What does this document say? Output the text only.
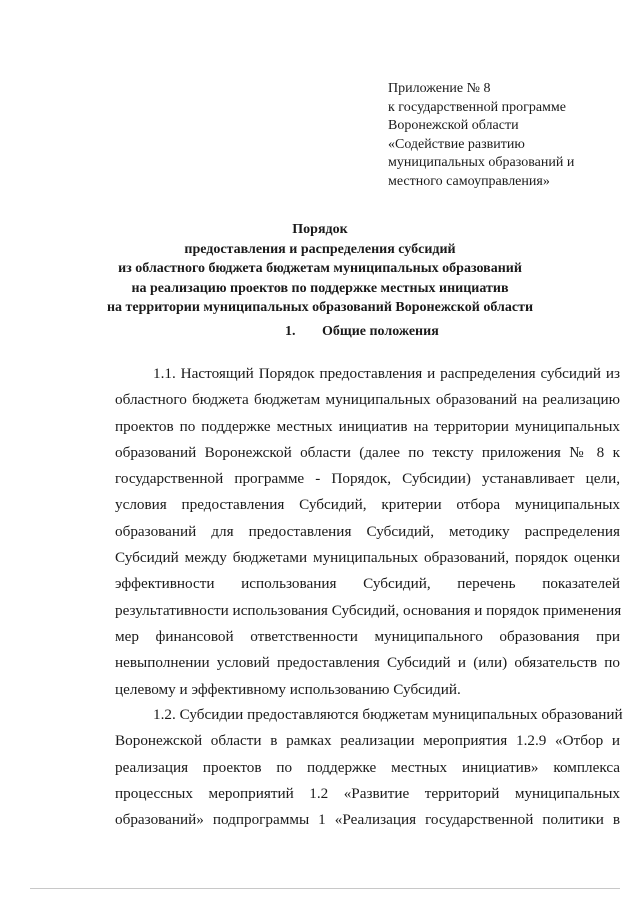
Приложение № 8
к государственной программе
Воронежской области
«Содействие развитию
муниципальных образований и
местного самоуправления»
Порядок
предоставления и распределения субсидий
из областного бюджета бюджетам муниципальных образований
на реализацию проектов по поддержке местных инициатив
на территории муниципальных образований Воронежской области
1. Общие положения
1.1. Настоящий Порядок предоставления и распределения субсидий из
областного бюджета бюджетам муниципальных образований на реализацию
проектов по поддержке местных инициатив на территории муниципальных
образований Воронежской области (далее по тексту приложения № 8 к
государственной программе - Порядок, Субсидии) устанавливает цели,
условия предоставления Субсидий, критерии отбора муниципальных
образований для предоставления Субсидий, методику распределения
Субсидий между бюджетами муниципальных образований, порядок оценки
эффективности использования Субсидий, перечень показателей
результативности использования Субсидий, основания и порядок применения
мер финансовой ответственности муниципального образования при
невыполнении условий предоставления Субсидий и (или) обязательств по
целевому и эффективному использованию Субсидий.
1.2. Субсидии предоставляются бюджетам муниципальных образований
Воронежской области в рамках реализации мероприятия 1.2.9 «Отбор и
реализация проектов по поддержке местных инициатив» комплекса
процессных мероприятий 1.2 «Развитие территорий муниципальных
образований» подпрограммы 1 «Реализация государственной политики в
